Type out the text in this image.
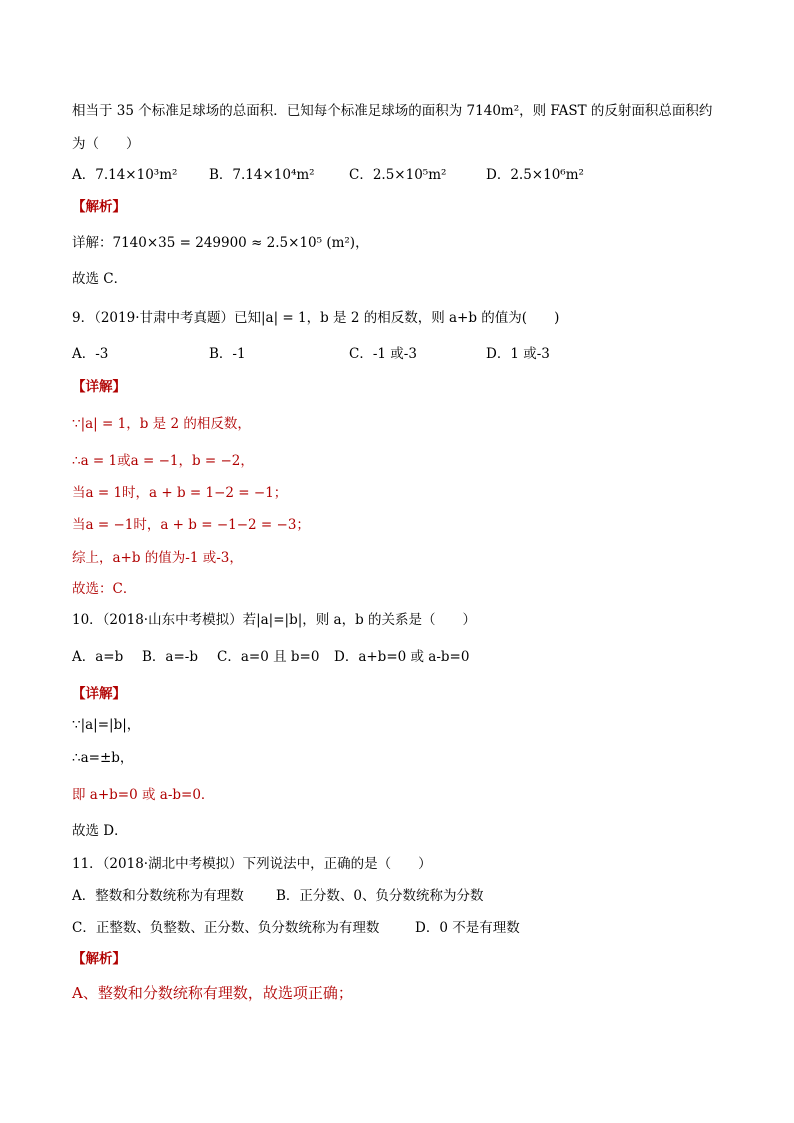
相当于 35 个标准足球场的总面积．已知每个标准足球场的面积为 7140m²，则 FAST 的反射面积总面积约

为（　　）

A．7.14×10³m² B．7.14×10⁴m²	C．2.5×10⁵m²	D．2.5×10⁶m²

【解析】

详解：7140×35 = 249900 ≈ 2.5×10⁵ (m²)，

故选 C．

9．（2019·甘肃中考真题）已知|a| = 1，b 是 2 的相反数，则 a+b 的值为(　　)

A．-3	B．-1	C．-1 或-3	D．1 或-3

【详解】

∵|a| = 1，b 是 2 的相反数，

∴a = 1或a = −1，b = −2，

当a = 1时，a + b = 1−2 = −1；

当a = −1时，a + b = −1−2 = −3；

综上，a+b 的值为-1 或-3，

故选：C．

10．（2018·山东中考模拟）若|a|=|b|，则 a，b 的关系是（　　）

A．a=b B．a=-b C．a=0 且 b=0 D．a+b=0 或 a-b=0

【详解】

∵|a|=|b|，

∴a=±b，

即 a+b=0 或 a-b=0．

故选 D．

11．（2018·湖北中考模拟）下列说法中，正确的是（　　）

A．整数和分数统称为有理数 B．正分数、0、负分数统称为分数
C．正整数、负整数、正分数、负分数统称为有理数	D．0 不是有理数

【解析】

A、整数和分数统称有理数，故选项正确；
